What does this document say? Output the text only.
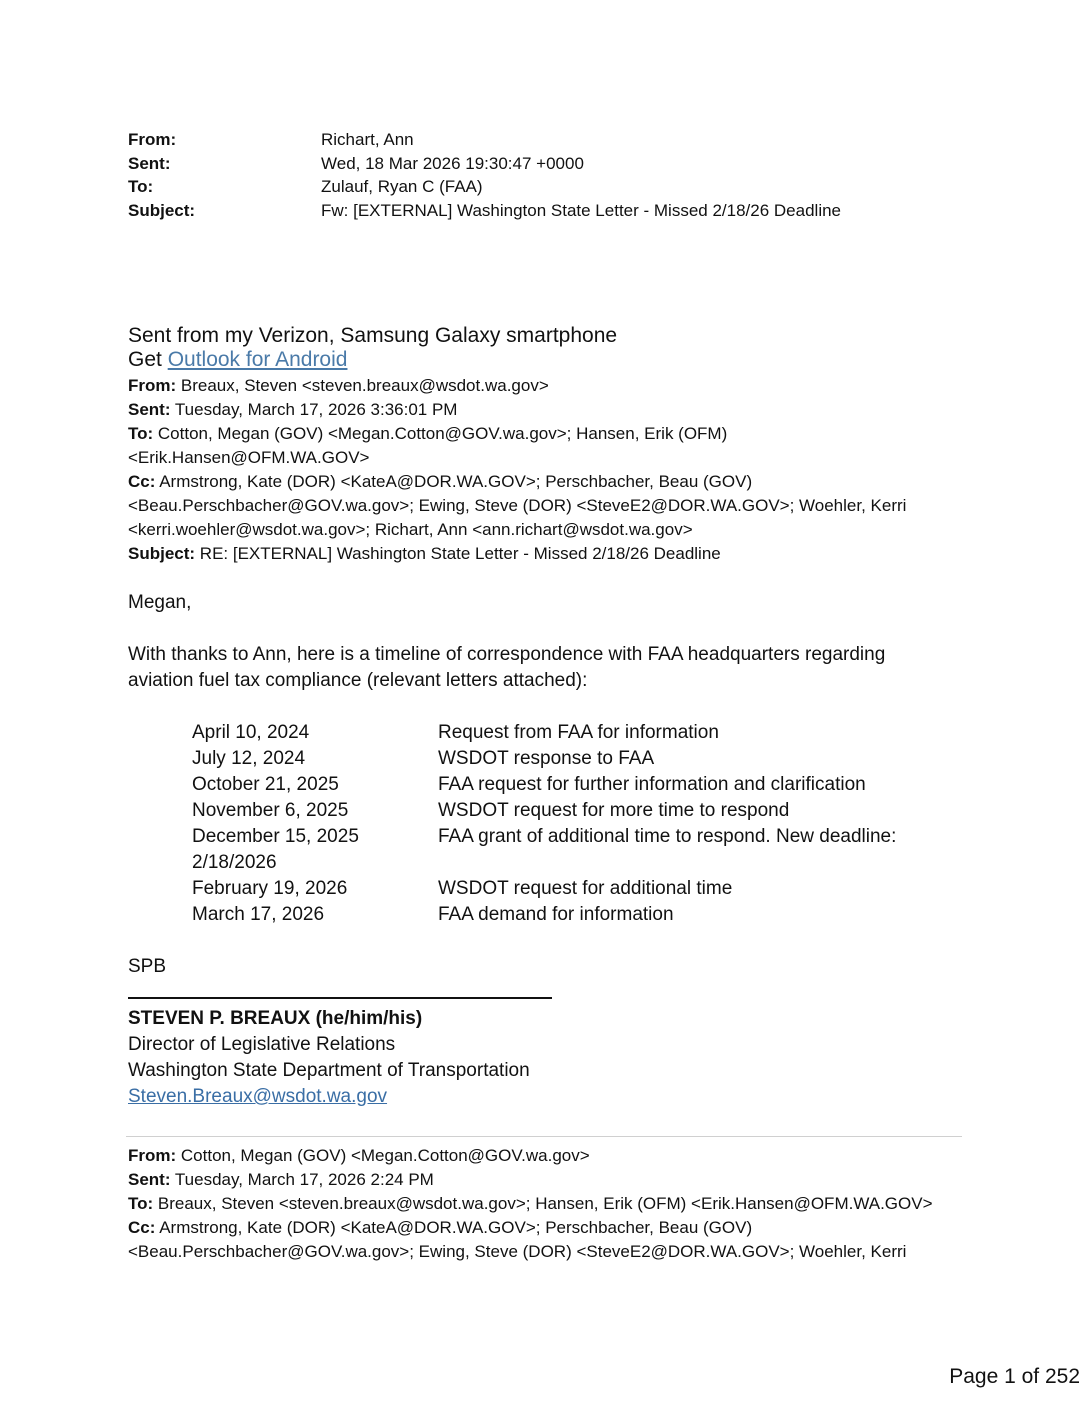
From:	Richart, Ann
Sent:	Wed, 18 Mar 2026 19:30:47 +0000
To:	Zulauf, Ryan C (FAA)
Subject:	Fw: [EXTERNAL] Washington State Letter - Missed 2/18/26 Deadline
Sent from my Verizon, Samsung Galaxy smartphone
Get Outlook for Android
From: Breaux, Steven <steven.breaux@wsdot.wa.gov>
Sent: Tuesday, March 17, 2026 3:36:01 PM
To: Cotton, Megan (GOV) <Megan.Cotton@GOV.wa.gov>; Hansen, Erik (OFM) <Erik.Hansen@OFM.WA.GOV>
Cc: Armstrong, Kate (DOR) <KateA@DOR.WA.GOV>; Perschbacher, Beau (GOV) <Beau.Perschbacher@GOV.wa.gov>; Ewing, Steve (DOR) <SteveE2@DOR.WA.GOV>; Woehler, Kerri <kerri.woehler@wsdot.wa.gov>; Richart, Ann <ann.richart@wsdot.wa.gov>
Subject: RE: [EXTERNAL] Washington State Letter - Missed 2/18/26 Deadline
Megan,
With thanks to Ann, here is a timeline of correspondence with FAA headquarters regarding aviation fuel tax compliance (relevant letters attached):
April 10, 2024	Request from FAA for information
July 12, 2024	WSDOT response to FAA
October 21, 2025	FAA request for further information and clarification
November 6, 2025	WSDOT request for more time to respond
December 15, 2025	FAA grant of additional time to respond. New deadline:
2/18/2026
February 19, 2026	WSDOT request for additional time
March 17, 2026	FAA demand for information
SPB
STEVEN P. BREAUX (he/him/his)
Director of Legislative Relations
Washington State Department of Transportation
Steven.Breaux@wsdot.wa.gov
From: Cotton, Megan (GOV) <Megan.Cotton@GOV.wa.gov>
Sent: Tuesday, March 17, 2026 2:24 PM
To: Breaux, Steven <steven.breaux@wsdot.wa.gov>; Hansen, Erik (OFM) <Erik.Hansen@OFM.WA.GOV>
Cc: Armstrong, Kate (DOR) <KateA@DOR.WA.GOV>; Perschbacher, Beau (GOV) <Beau.Perschbacher@GOV.wa.gov>; Ewing, Steve (DOR) <SteveE2@DOR.WA.GOV>; Woehler, Kerri
Page 1 of 252
